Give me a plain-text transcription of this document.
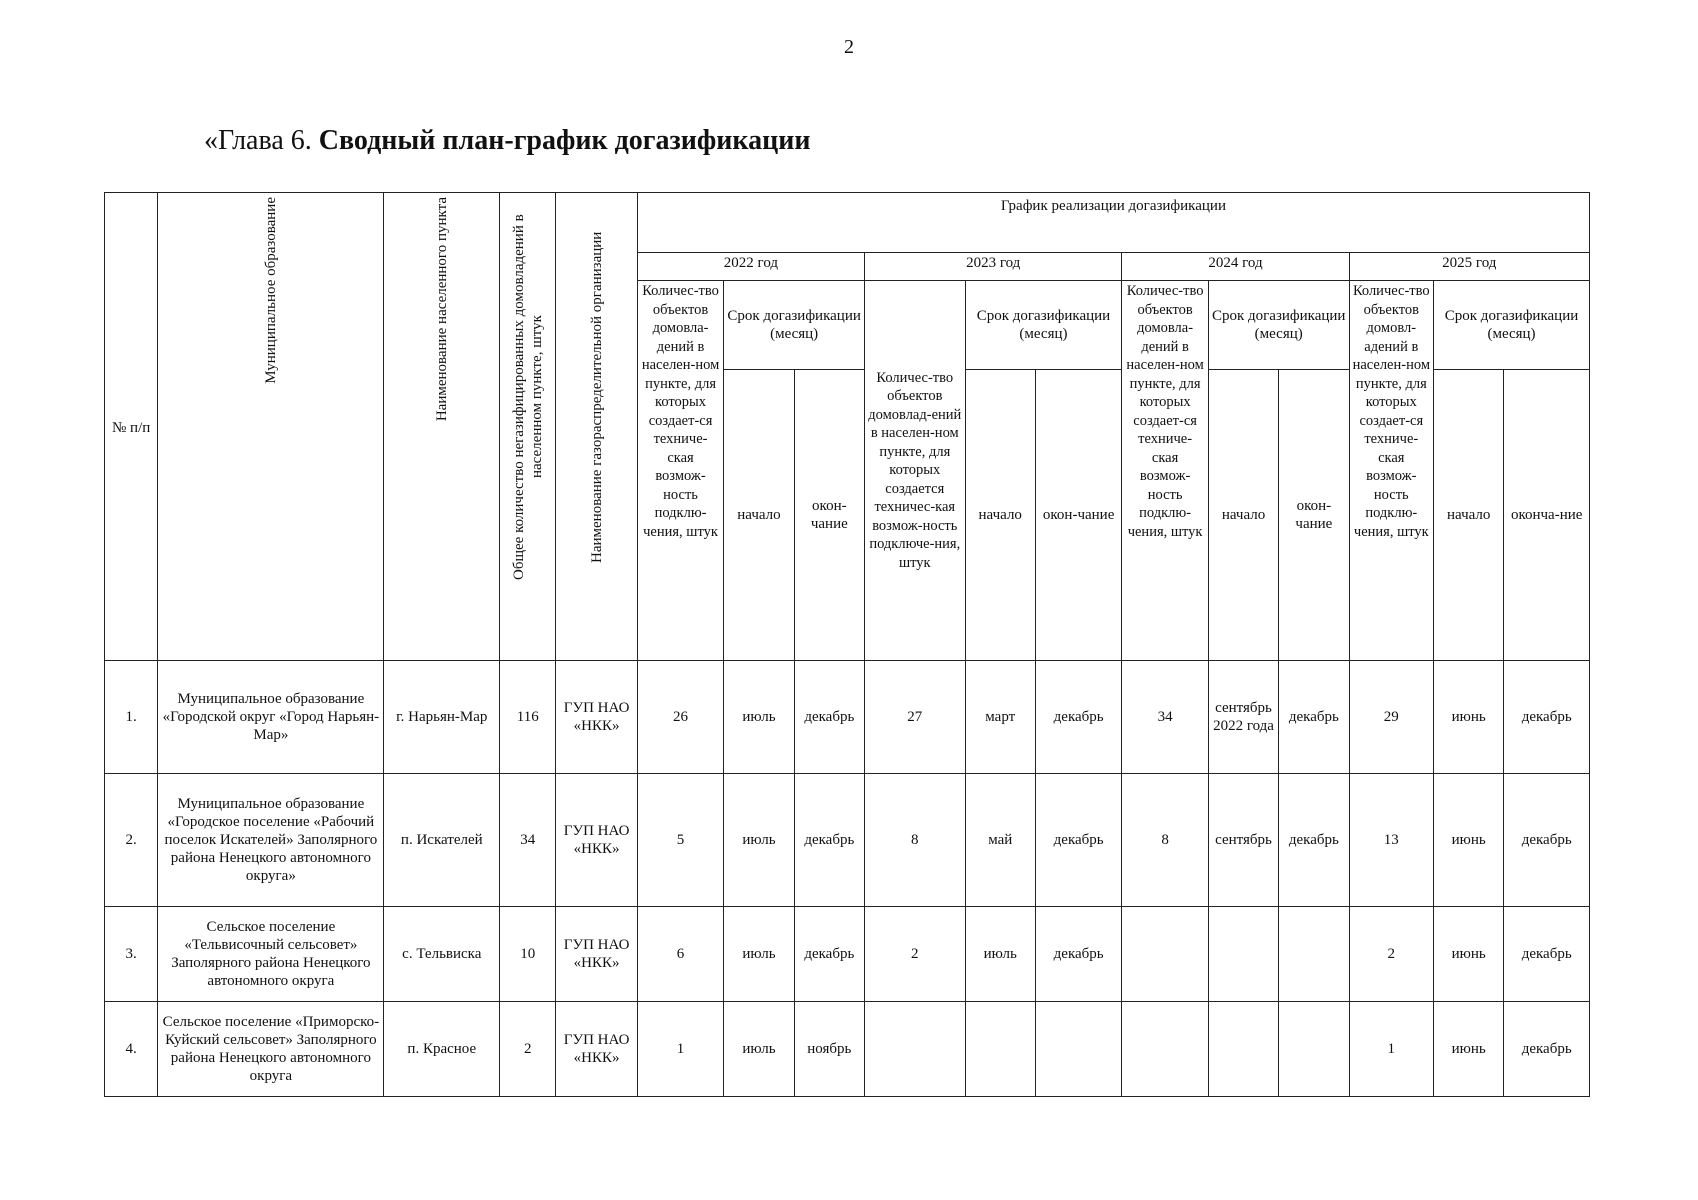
2
«Глава 6. Сводный план-график догазификации
№ п/п	Муниципальное образование	Наименование населенного пункта	Общее количество негазифицированных домовладений в населенном пункте, штук	Наименование газораспределительной организации	График реализации догазификации											
					2022 год			2023 год			2024 год			2025 год		
					Количес-тво объектов домовла-дений в населен-ном пункте, для которых создает-ся техниче-ская возмож-ность подклю-чения, штук	Срок догазификации (месяц)		Количес-тво объектов домовлад-ений в населен-ном пункте, для которых создается техничес-кая возмож-ность подключе-ния, штук	Срок догазификации (месяц)		Количес-тво объектов домовла-дений в населен-ном пункте, для которых создает-ся техниче-ская возмож-ность подклю-чения, штук	Срок догазификации (месяц)		Количес-тво объектов домовл-адений в населен-ном пункте, для которых создает-ся техниче-ская возмож-ность подклю-чения, штук	Срок догазификации (месяц)	
						начало	окон-чание		начало	окон-чание		начало	окон-чание		начало	оконча-ние
1.	Муниципальное образование «Городской округ «Город Нарьян-Мар»	г. Нарьян-Мар	116	ГУП НАО «НКК»	26	июль	декабрь	27	март	декабрь	34	сентябрь 2022 года	декабрь	29	июнь	декабрь
2.	Муниципальное образование «Городское поселение «Рабочий поселок Искателей» Заполярного района Ненецкого автономного округа»	п. Искателей	34	ГУП НАО «НКК»	5	июль	декабрь	8	май	декабрь	8	сентябрь	декабрь	13	июнь	декабрь
3.	Сельское поселение «Тельвисочный сельсовет» Заполярного района Ненецкого автономного округа	с. Тельвиска	10	ГУП НАО «НКК»	6	июль	декабрь	2	июль	декабрь				2	июнь	декабрь
4.	Сельское поселение «Приморско-Куйский сельсовет» Заполярного района Ненецкого автономного округа	п. Красное	2	ГУП НАО «НКК»	1	июль	ноябрь							1	июнь	декабрь
